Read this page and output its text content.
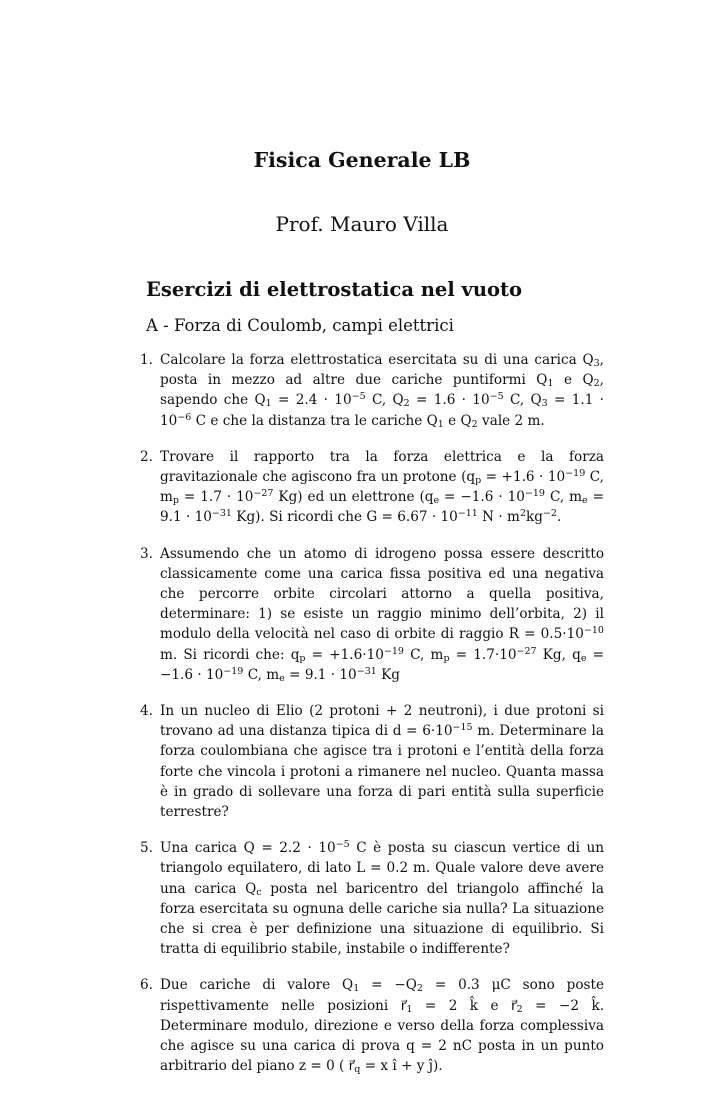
Fisica Generale LB
Prof. Mauro Villa
Esercizi di elettrostatica nel vuoto
A - Forza di Coulomb, campi elettrici
1. Calcolare la forza elettrostatica esercitata su di una carica $Q_3$, posta in mezzo ad altre due cariche puntiformi $Q_1$ e $Q_2$, sapendo che $Q_1 = 2.4 \cdot 10^{-5}$ C, $Q_2 = 1.6 \cdot 10^{-5}$ C, $Q_3 = 1.1 \cdot 10^{-6}$ C e che la distanza tra le cariche $Q_1$ e $Q_2$ vale 2 m.
2. Trovare il rapporto tra la forza elettrica e la forza gravitazionale che agiscono fra un protone ($q_p = +1.6 \cdot 10^{-19}$ C, $m_p = 1.7 \cdot 10^{-27}$ Kg) ed un elettrone ($q_e = -1.6 \cdot 10^{-19}$ C, $m_e = 9.1 \cdot 10^{-31}$ Kg). Si ricordi che $G = 6.67 \cdot 10^{-11}$ $N \cdot m^2kg^{-2}$.
3. Assumendo che un atomo di idrogeno possa essere descritto classicamente come una carica fissa positiva ed una negativa che percorre orbite circolari attorno a quella positiva, determinare: 1) se esiste un raggio minimo dell’orbita, 2) il modulo della velocità nel caso di orbite di raggio $R = 0.5\cdot 10^{-10}$ m. Si ricordi che: $q_p = +1.6\cdot 10^{-19}$ C, $m_p = 1.7\cdot 10^{-27}$ Kg, $q_e = -1.6 \cdot 10^{-19}$ C, $m_e = 9.1 \cdot 10^{-31}$ Kg
4. In un nucleo di Elio (2 protoni + 2 neutroni), i due protoni si trovano ad una distanza tipica di $d = 6\cdot 10^{-15}$ m. Determinare la forza coulombiana che agisce tra i protoni e l’entità della forza forte che vincola i protoni a rimanere nel nucleo. Quanta massa è in grado di sollevare una forza di pari entità sulla superficie terrestre?
5. Una carica $Q = 2.2 \cdot 10^{-5}$ C è posta su ciascun vertice di un triangolo equilatero, di lato L = 0.2 m. Quale valore deve avere una carica $Q_c$ posta nel baricentro del triangolo affinché la forza esercitata su ognuna delle cariche sia nulla? La situazione che si crea è per definizione una situazione di equilibrio. Si tratta di equilibrio stabile, instabile o indifferente?
6. Due cariche di valore $Q_1 = -Q_2 = 0.3$ μC sono poste rispettivamente nelle posizioni $r⃗_1 = 2$ k̂ e $r⃗_2 = -2$ k̂. Determinare modulo, direzione e verso della forza complessiva che agisce su una carica di prova q = 2 nC posta in un punto arbitrario del piano z = 0 ( $r⃗_q = x$ î + y ĵ).
